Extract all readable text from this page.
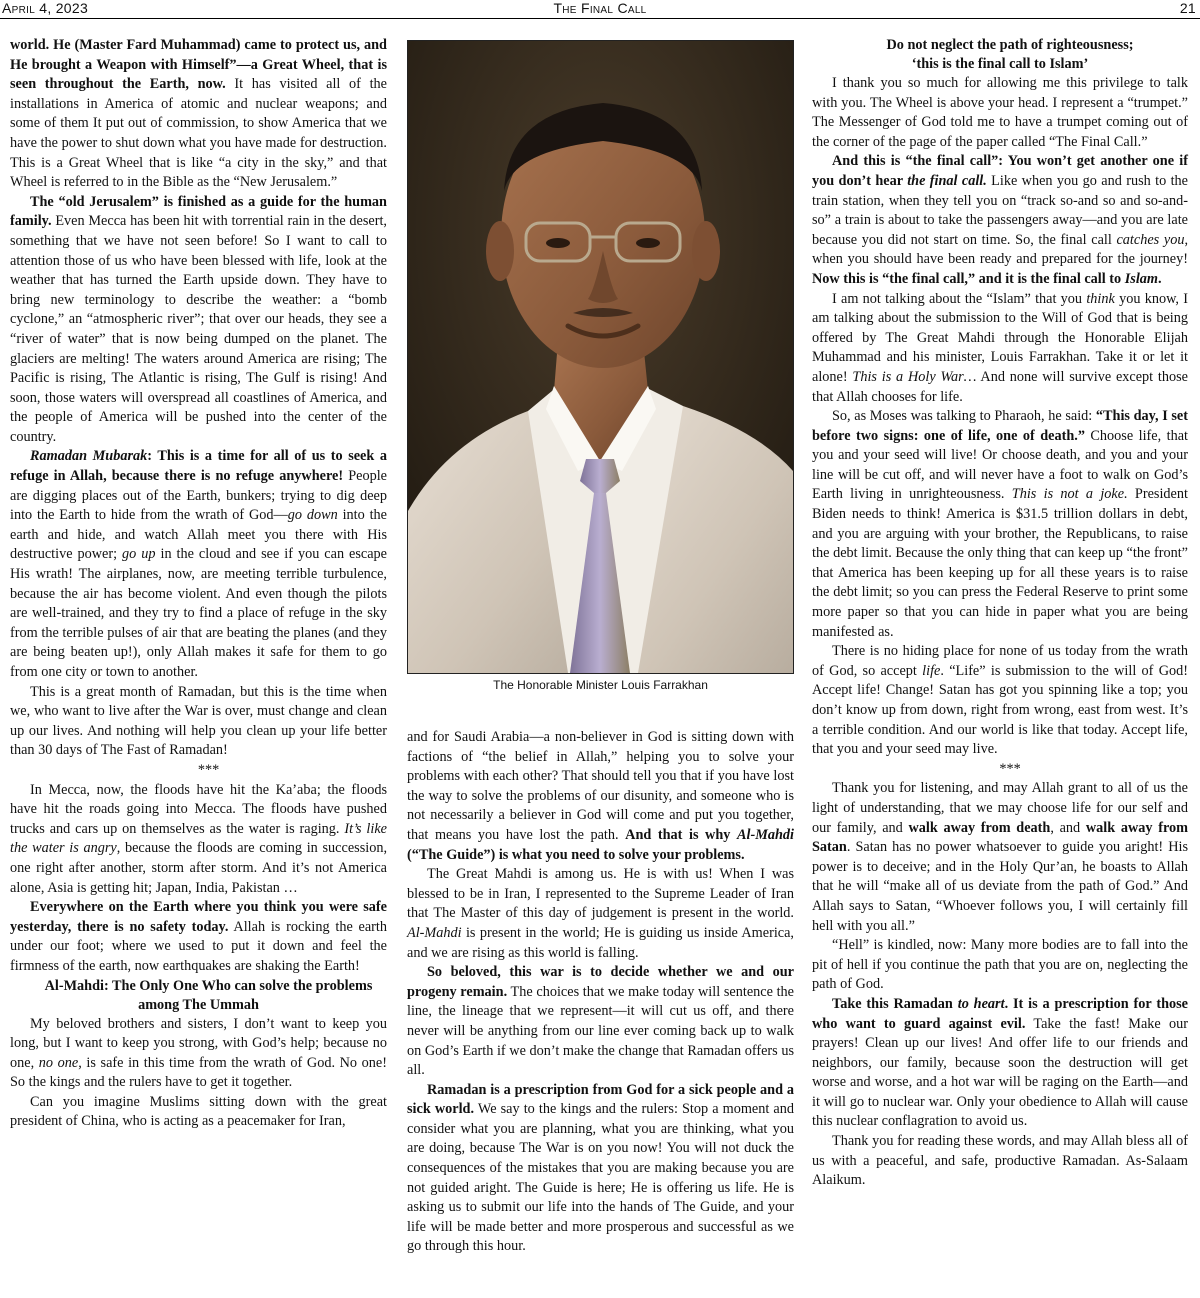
April 4, 2023	The Final Call	21

world. He (Master Fard Muhammad) came to protect us, and He brought a Weapon with Himself”—a Great Wheel, that is seen throughout the Earth, now. It has visited all of the installations in America of atomic and nuclear weapons; and some of them It put out of commission, to show America that we have the power to shut down what you have made for destruction. This is a Great Wheel that is like “a city in the sky,” and that Wheel is referred to in the Bible as the “New Jerusalem.”

The “old Jerusalem” is finished as a guide for the human family. Even Mecca has been hit with torrential rain in the desert, something that we have not seen before! So I want to call to attention those of us who have been blessed with life, look at the weather that has turned the Earth upside down. They have to bring new terminology to describe the weather: a “bomb cyclone,” an “atmospheric river”; that over our heads, they see a “river of water” that is now being dumped on the planet. The glaciers are melting! The waters around America are rising; The Pacific is rising, The Atlantic is rising, The Gulf is rising! And soon, those waters will overspread all coastlines of America, and the people of America will be pushed into the center of the country.

Ramadan Mubarak: This is a time for all of us to seek a refuge in Allah, because there is no refuge anywhere! People are digging places out of the Earth, bunkers; trying to dig deep into the Earth to hide from the wrath of God—go down into the earth and hide, and watch Allah meet you there with His destructive power; go up in the cloud and see if you can escape His wrath! The airplanes, now, are meeting terrible turbulence, because the air has become violent. And even though the pilots are well-trained, and they try to find a place of refuge in the sky from the terrible pulses of air that are beating the planes (and they are being beaten up!), only Allah makes it safe for them to go from one city or town to another.

This is a great month of Ramadan, but this is the time when we, who want to live after the War is over, must change and clean up our lives. And nothing will help you clean up your life better than 30 days of The Fast of Ramadan!

***

In Mecca, now, the floods have hit the Ka’aba; the floods have hit the roads going into Mecca. The floods have pushed trucks and cars up on themselves as the water is raging. It’s like the water is angry, because the floods are coming in succession, one right after another, storm after storm. And it’s not America alone, Asia is getting hit; Japan, India, Pakistan …

Everywhere on the Earth where you think you were safe yesterday, there is no safety today. Allah is rocking the earth under our foot; where we used to put it down and feel the firmness of the earth, now earthquakes are shaking the Earth!

Al-Mahdi: The Only One Who can solve the problems among The Ummah

My beloved brothers and sisters, I don’t want to keep you long, but I want to keep you strong, with God’s help; because no one, no one, is safe in this time from the wrath of God. No one! So the kings and the rulers have to get it together.

Can you imagine Muslims sitting down with the great president of China, who is acting as a peacemaker for Iran,

The Honorable Minister Louis Farrakhan

and for Saudi Arabia—a non-believer in God is sitting down with factions of “the belief in Allah,” helping you to solve your problems with each other? That should tell you that if you have lost the way to solve the problems of our disunity, and someone who is not necessarily a believer in God will come and put you together, that means you have lost the path. And that is why Al-Mahdi (“The Guide”) is what you need to solve your problems.

The Great Mahdi is among us. He is with us! When I was blessed to be in Iran, I represented to the Supreme Leader of Iran that The Master of this day of judgement is present in the world. Al-Mahdi is present in the world; He is guiding us inside America, and we are rising as this world is falling.

So beloved, this war is to decide whether we and our progeny remain. The choices that we make today will sentence the line, the lineage that we represent—it will cut us off, and there never will be anything from our line ever coming back up to walk on God’s Earth if we don’t make the change that Ramadan offers us all.

Ramadan is a prescription from God for a sick people and a sick world. We say to the kings and the rulers: Stop a moment and consider what you are planning, what you are thinking, what you are doing, because The War is on you now! You will not duck the consequences of the mistakes that you are making because you are not guided aright. The Guide is here; He is offering us life. He is asking us to submit our life into the hands of The Guide, and your life will be made better and more prosperous and successful as we go through this hour.

Do not neglect the path of righteousness;
‘this is the final call to Islam’

I thank you so much for allowing me this privilege to talk with you. The Wheel is above your head. I represent a “trumpet.” The Messenger of God told me to have a trumpet coming out of the corner of the page of the paper called “The Final Call.”

And this is “the final call”: You won’t get another one if you don’t hear the final call. Like when you go and rush to the train station, when they tell you on “track so-and so and so-and-so” a train is about to take the passengers away—and you are late because you did not start on time. So, the final call catches you, when you should have been ready and prepared for the journey! Now this is “the final call,” and it is the final call to Islam.

I am not talking about the “Islam” that you think you know, I am talking about the submission to the Will of God that is being offered by The Great Mahdi through the Honorable Elijah Muhammad and his minister, Louis Farrakhan. Take it or let it alone! This is a Holy War… And none will survive except those that Allah chooses for life.

So, as Moses was talking to Pharaoh, he said: “This day, I set before two signs: one of life, one of death.” Choose life, that you and your seed will live! Or choose death, and you and your line will be cut off, and will never have a foot to walk on God’s Earth living in unrighteousness. This is not a joke. President Biden needs to think! America is $31.5 trillion dollars in debt, and you are arguing with your brother, the Republicans, to raise the debt limit. Because the only thing that can keep up “the front” that America has been keeping up for all these years is to raise the debt limit; so you can press the Federal Reserve to print some more paper so that you can hide in paper what you are being manifested as.

There is no hiding place for none of us today from the wrath of God, so accept life. “Life” is submission to the will of God! Accept life! Change! Satan has got you spinning like a top; you don’t know up from down, right from wrong, east from west. It’s a terrible condition. And our world is like that today. Accept life, that you and your seed may live.

***

Thank you for listening, and may Allah grant to all of us the light of understanding, that we may choose life for our self and our family, and walk away from death, and walk away from Satan. Satan has no power whatsoever to guide you aright! His power is to deceive; and in the Holy Qur’an, he boasts to Allah that he will “make all of us deviate from the path of God.” And Allah says to Satan, “Whoever follows you, I will certainly fill hell with you all.”

“Hell” is kindled, now: Many more bodies are to fall into the pit of hell if you continue the path that you are on, neglecting the path of God.

Take this Ramadan to heart. It is a prescription for those who want to guard against evil. Take the fast! Make our prayers! Clean up our lives! And offer life to our friends and neighbors, our family, because soon the destruction will get worse and worse, and a hot war will be raging on the Earth—and it will go to nuclear war. Only your obedience to Allah will cause this nuclear conflagration to avoid us.

Thank you for reading these words, and may Allah bless all of us with a peaceful, and safe, productive Ramadan. As-Salaam Alaikum.
